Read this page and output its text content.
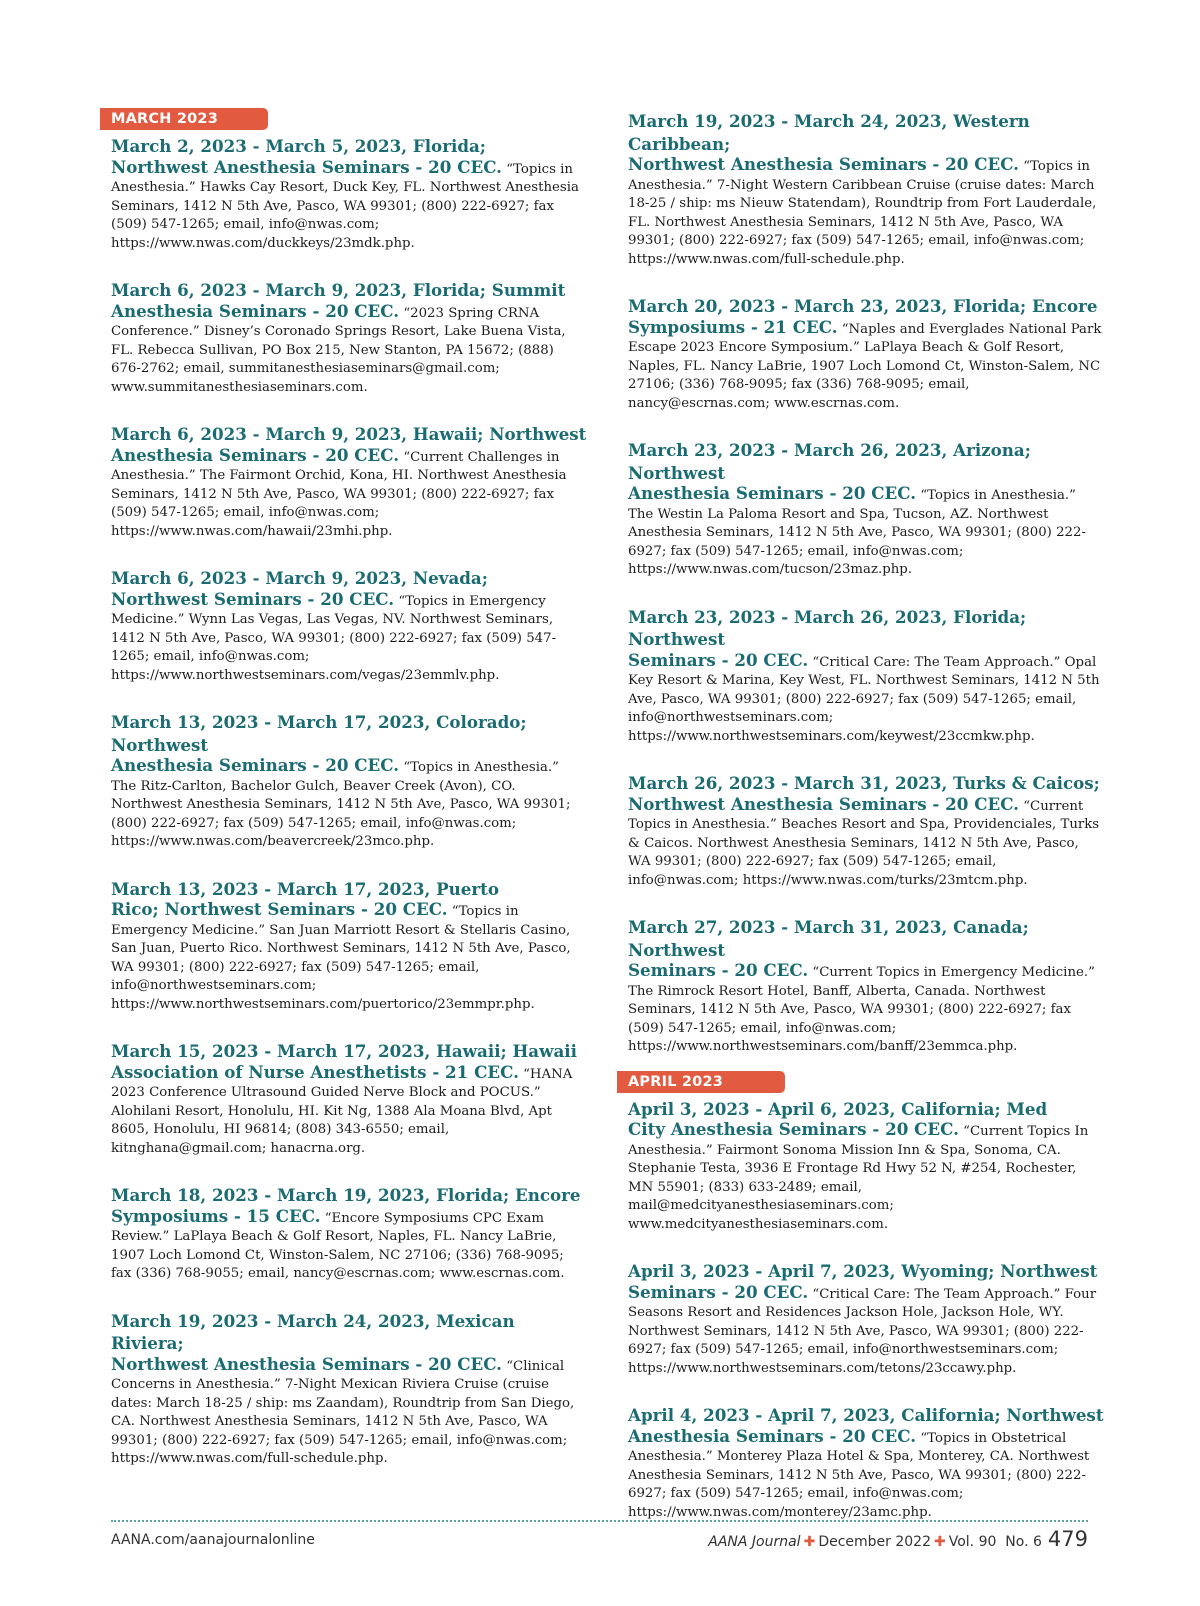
MARCH 2023

March 2, 2023 - March 5, 2023, Florida;
Northwest Anesthesia Seminars - 20 CEC. “Topics in Anesthesia.” Hawks Cay Resort, Duck Key, FL. Northwest Anesthesia Seminars, 1412 N 5th Ave, Pasco, WA 99301; (800) 222-6927; fax (509) 547-1265; email, info@nwas.com; https://www.nwas.com/duckkeys/23mdk.php.

March 6, 2023 - March 9, 2023, Florida; Summit
Anesthesia Seminars - 20 CEC. “2023 Spring CRNA Conference.” Disney’s Coronado Springs Resort, Lake Buena Vista, FL. Rebecca Sullivan, PO Box 215, New Stanton, PA 15672; (888) 676-2762; email, summitanesthesiaseminars@gmail.com; www.summitanesthesiaseminars.com.

March 6, 2023 - March 9, 2023, Hawaii; Northwest
Anesthesia Seminars - 20 CEC. “Current Challenges in Anesthesia.” The Fairmont Orchid, Kona, HI. Northwest Anesthesia Seminars, 1412 N 5th Ave, Pasco, WA 99301; (800) 222-6927; fax (509) 547-1265; email, info@nwas.com; https://www.nwas.com/hawaii/23mhi.php.

March 6, 2023 - March 9, 2023, Nevada;
Northwest Seminars - 20 CEC. “Topics in Emergency Medicine.” Wynn Las Vegas, Las Vegas, NV. Northwest Seminars, 1412 N 5th Ave, Pasco, WA 99301; (800) 222-6927; fax (509) 547-1265; email, info@nwas.com; https://www.northwestseminars.com/vegas/23emmlv.php.

March 13, 2023 - March 17, 2023, Colorado; Northwest
Anesthesia Seminars - 20 CEC. “Topics in Anesthesia.” The Ritz-Carlton, Bachelor Gulch, Beaver Creek (Avon), CO. Northwest Anesthesia Seminars, 1412 N 5th Ave, Pasco, WA 99301; (800) 222-6927; fax (509) 547-1265; email, info@nwas.com; https://www.nwas.com/beavercreek/23mco.php.

March 13, 2023 - March 17, 2023, Puerto
Rico; Northwest Seminars - 20 CEC. “Topics in Emergency Medicine.” San Juan Marriott Resort & Stellaris Casino, San Juan, Puerto Rico. Northwest Seminars, 1412 N 5th Ave, Pasco, WA 99301; (800) 222-6927; fax (509) 547-1265; email, info@northwestseminars.com; https://www.northwestseminars.com/puertorico/23emmpr.php.

March 15, 2023 - March 17, 2023, Hawaii; Hawaii
Association of Nurse Anesthetists - 21 CEC. “HANA 2023 Conference Ultrasound Guided Nerve Block and POCUS.” Alohilani Resort, Honolulu, HI. Kit Ng, 1388 Ala Moana Blvd, Apt 8605, Honolulu, HI 96814; (808) 343-6550; email, kitnghana@gmail.com; hanacrna.org.

March 18, 2023 - March 19, 2023, Florida; Encore
Symposiums - 15 CEC. “Encore Symposiums CPC Exam Review.” LaPlaya Beach & Golf Resort, Naples, FL. Nancy LaBrie, 1907 Loch Lomond Ct, Winston-Salem, NC 27106; (336) 768-9095; fax (336) 768-9055; email, nancy@escrnas.com; www.escrnas.com.

March 19, 2023 - March 24, 2023, Mexican Riviera;
Northwest Anesthesia Seminars - 20 CEC. “Clinical Concerns in Anesthesia.” 7-Night Mexican Riviera Cruise (cruise dates: March 18-25 / ship: ms Zaandam), Roundtrip from San Diego, CA. Northwest Anesthesia Seminars, 1412 N 5th Ave, Pasco, WA 99301; (800) 222-6927; fax (509) 547-1265; email, info@nwas.com; https://www.nwas.com/full-schedule.php.

March 19, 2023 - March 24, 2023, Western Caribbean;
Northwest Anesthesia Seminars - 20 CEC. “Topics in Anesthesia.” 7-Night Western Caribbean Cruise (cruise dates: March 18-25 / ship: ms Nieuw Statendam), Roundtrip from Fort Lauderdale, FL. Northwest Anesthesia Seminars, 1412 N 5th Ave, Pasco, WA 99301; (800) 222-6927; fax (509) 547-1265; email, info@nwas.com; https://www.nwas.com/full-schedule.php.

March 20, 2023 - March 23, 2023, Florida; Encore
Symposiums - 21 CEC. “Naples and Everglades National Park Escape 2023 Encore Symposium.” LaPlaya Beach & Golf Resort, Naples, FL. Nancy LaBrie, 1907 Loch Lomond Ct, Winston-Salem, NC 27106; (336) 768-9095; fax (336) 768-9095; email, nancy@escrnas.com; www.escrnas.com.

March 23, 2023 - March 26, 2023, Arizona; Northwest
Anesthesia Seminars - 20 CEC. “Topics in Anesthesia.” The Westin La Paloma Resort and Spa, Tucson, AZ. Northwest Anesthesia Seminars, 1412 N 5th Ave, Pasco, WA 99301; (800) 222-6927; fax (509) 547-1265; email, info@nwas.com; https://www.nwas.com/tucson/23maz.php.

March 23, 2023 - March 26, 2023, Florida; Northwest
Seminars - 20 CEC. “Critical Care: The Team Approach.” Opal Key Resort & Marina, Key West, FL. Northwest Seminars, 1412 N 5th Ave, Pasco, WA 99301; (800) 222-6927; fax (509) 547-1265; email, info@northwestseminars.com; https://www.northwestseminars.com/keywest/23ccmkw.php.

March 26, 2023 - March 31, 2023, Turks & Caicos;
Northwest Anesthesia Seminars - 20 CEC. “Current Topics in Anesthesia.” Beaches Resort and Spa, Providenciales, Turks & Caicos. Northwest Anesthesia Seminars, 1412 N 5th Ave, Pasco, WA 99301; (800) 222-6927; fax (509) 547-1265; email, info@nwas.com; https://www.nwas.com/turks/23mtcm.php.

March 27, 2023 - March 31, 2023, Canada; Northwest
Seminars - 20 CEC. “Current Topics in Emergency Medicine.” The Rimrock Resort Hotel, Banff, Alberta, Canada. Northwest Seminars, 1412 N 5th Ave, Pasco, WA 99301; (800) 222-6927; fax (509) 547-1265; email, info@nwas.com; https://www.northwestseminars.com/banff/23emmca.php.

APRIL 2023

April 3, 2023 - April 6, 2023, California; Med
City Anesthesia Seminars - 20 CEC. “Current Topics In Anesthesia.” Fairmont Sonoma Mission Inn & Spa, Sonoma, CA. Stephanie Testa, 3936 E Frontage Rd Hwy 52 N, #254, Rochester, MN 55901; (833) 633-2489; email, mail@medcityanesthesiaseminars.com; www.medcityanesthesiaseminars.com.

April 3, 2023 - April 7, 2023, Wyoming; Northwest
Seminars - 20 CEC. “Critical Care: The Team Approach.” Four Seasons Resort and Residences Jackson Hole, Jackson Hole, WY. Northwest Seminars, 1412 N 5th Ave, Pasco, WA 99301; (800) 222-6927; fax (509) 547-1265; email, info@northwestseminars.com; https://www.northwestseminars.com/tetons/23ccawy.php.

April 4, 2023 - April 7, 2023, California; Northwest
Anesthesia Seminars - 20 CEC. “Topics in Obstetrical Anesthesia.” Monterey Plaza Hotel & Spa, Monterey, CA. Northwest Anesthesia Seminars, 1412 N 5th Ave, Pasco, WA 99301; (800) 222-6927; fax (509) 547-1265; email, info@nwas.com; https://www.nwas.com/monterey/23amc.php.

AANA.com/aanajournalonline	AANA Journal ✚ December 2022 ✚ Vol. 90  No. 6 479
